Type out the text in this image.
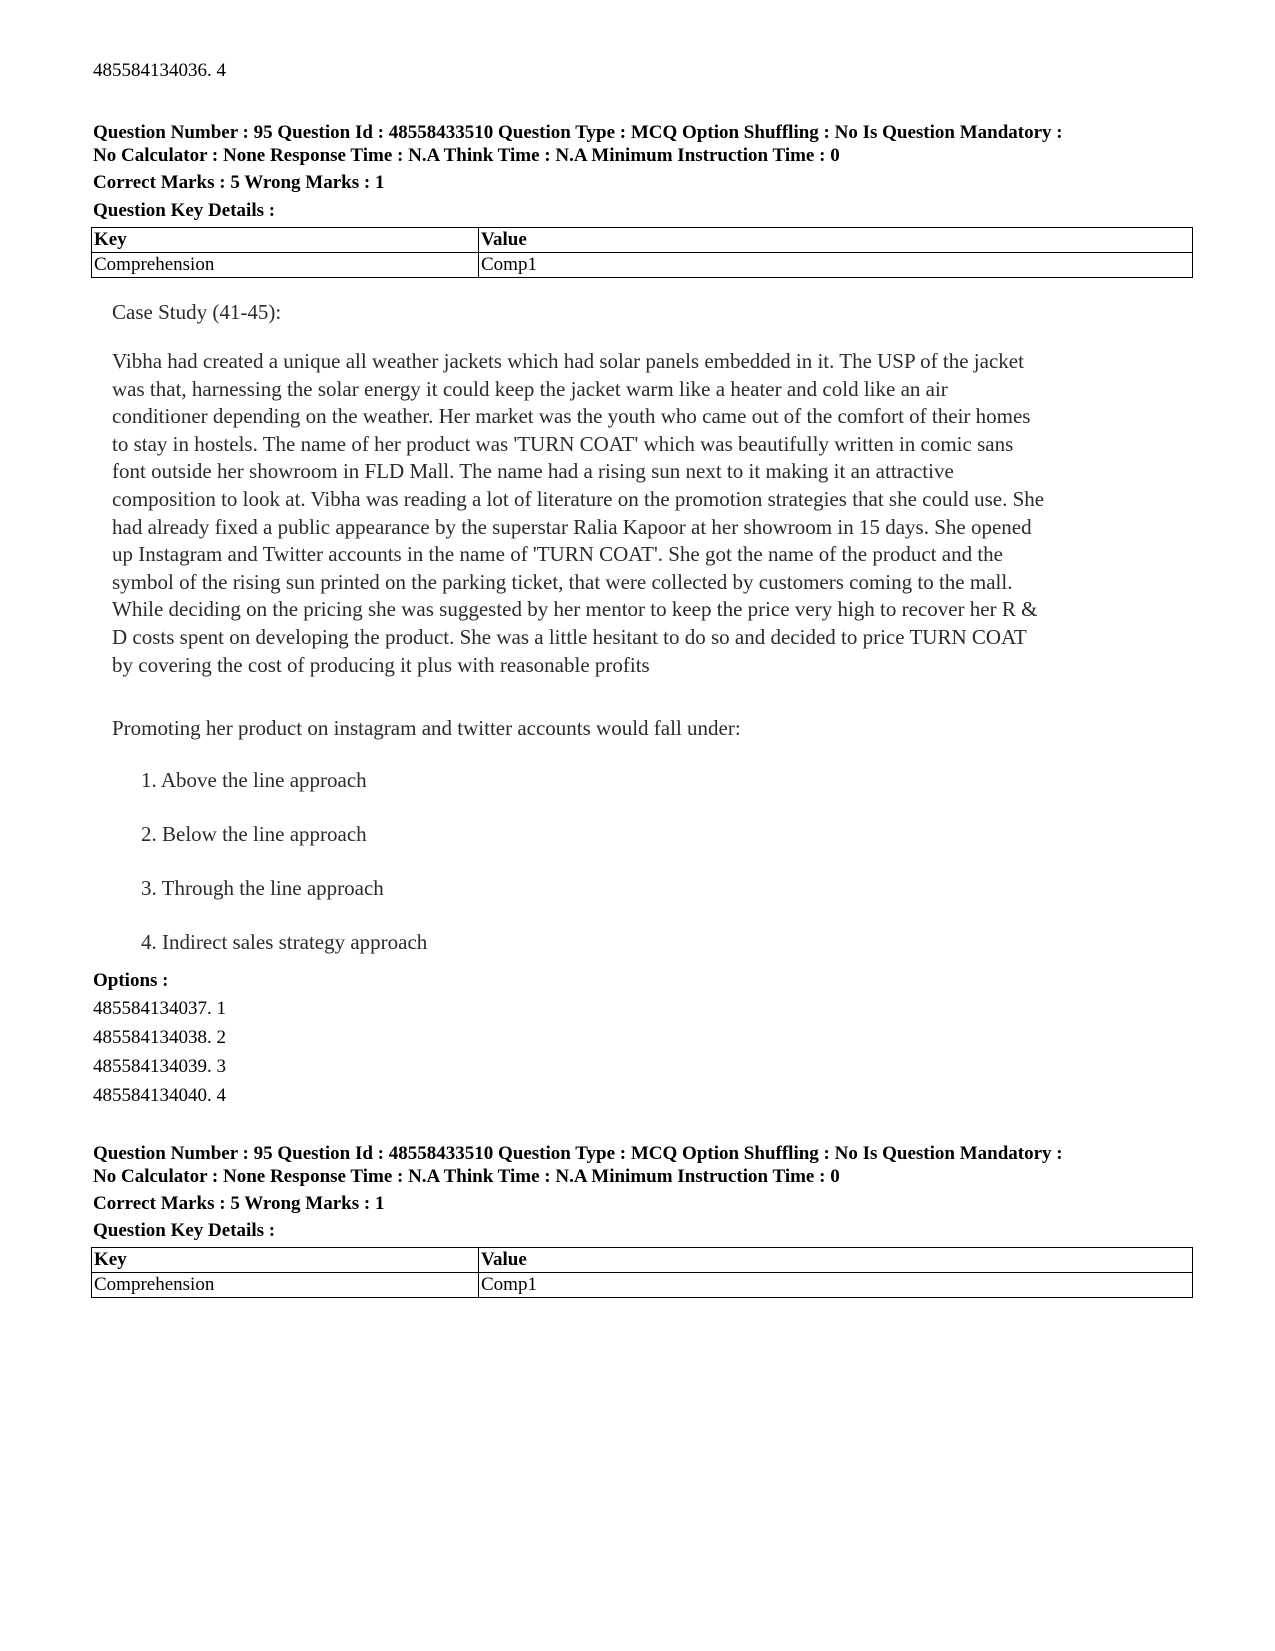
485584134036. 4
Question Number : 95 Question Id : 48558433510 Question Type : MCQ Option Shuffling : No Is Question Mandatory :
No Calculator : None Response Time : N.A Think Time : N.A Minimum Instruction Time : 0
Correct Marks : 5 Wrong Marks : 1
Question Key Details :
Key	Value
Comprehension	Comp1
Case Study (41-45):

Vibha had created a unique all weather jackets which had solar panels embedded in it. The USP of the jacket

was that, harnessing the solar energy it could keep the jacket warm like a heater and cold like an air

conditioner depending on the weather. Her market was the youth who came out of the comfort of their homes

to stay in hostels. The name of her product was 'TURN COAT' which was beautifully written in comic sans

font outside her showroom in FLD Mall. The name had a rising sun next to it making it an attractive

composition to look at. Vibha was reading a lot of literature on the promotion strategies that she could use. She

had already fixed a public appearance by the superstar Ralia Kapoor at her showroom in 15 days. She opened

up Instagram and Twitter accounts in the name of 'TURN COAT'. She got the name of the product and the

symbol of the rising sun printed on the parking ticket, that were collected by customers coming to the mall.

While deciding on the pricing she was suggested by her mentor to keep the price very high to recover her R &

D costs spent on developing the product. She was a little hesitant to do so and decided to price TURN COAT

by covering the cost of producing it plus with reasonable profits

Promoting her product on instagram and twitter accounts would fall under:
1. Above the line approach
2. Below the line approach
3. Through the line approach
4. Indirect sales strategy approach
Options :
485584134037. 1
485584134038. 2
485584134039. 3
485584134040. 4
Question Number : 95 Question Id : 48558433510 Question Type : MCQ Option Shuffling : No Is Question Mandatory :
No Calculator : None Response Time : N.A Think Time : N.A Minimum Instruction Time : 0
Correct Marks : 5 Wrong Marks : 1
Question Key Details :
Key	Value
Comprehension	Comp1
